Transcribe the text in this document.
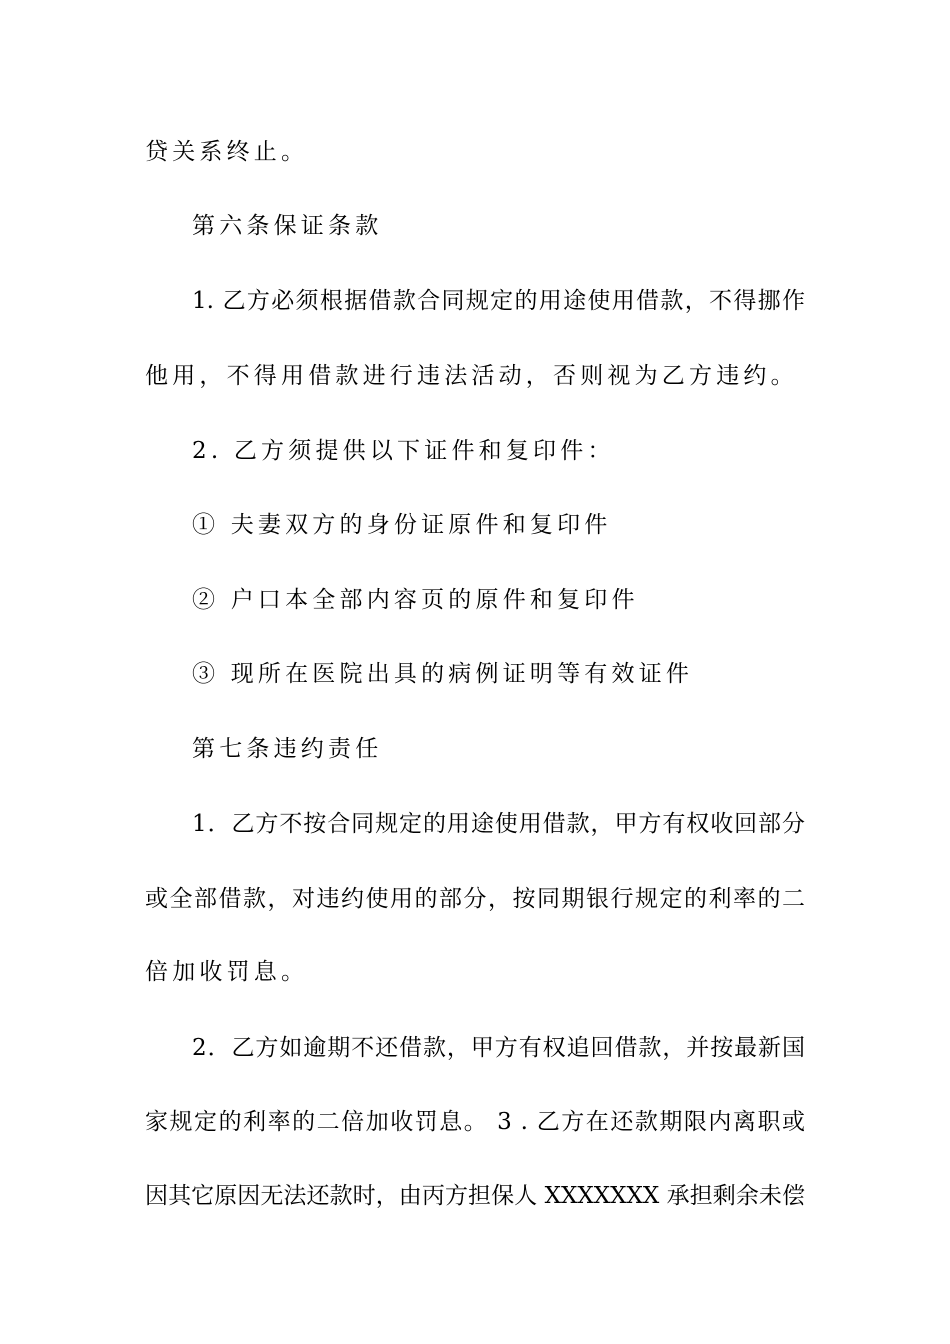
贷关系终止。
第六条保证条款
1. 乙方必须根据借款合同规定的用途使用借款，不得挪作
他用，不得用借款进行违法活动，否则视为乙方违约。
2. 乙方须提供以下证件和复印件：
① 夫妻双方的身份证原件和复印件
② 户口本全部内容页的原件和复印件
③ 现所在医院出具的病例证明等有效证件
第七条违约责任
1．乙方不按合同规定的用途使用借款，甲方有权收回部分
或全部借款，对违约使用的部分，按同期银行规定的利率的二
倍加收罚息。
2．乙方如逾期不还借款，甲方有权追回借款，并按最新国
家规定的利率的二倍加收罚息。 3 . 乙方在还款期限内离职或
因其它原因无法还款时，由丙方担保人 XXXXXXX 承担剩余未偿
